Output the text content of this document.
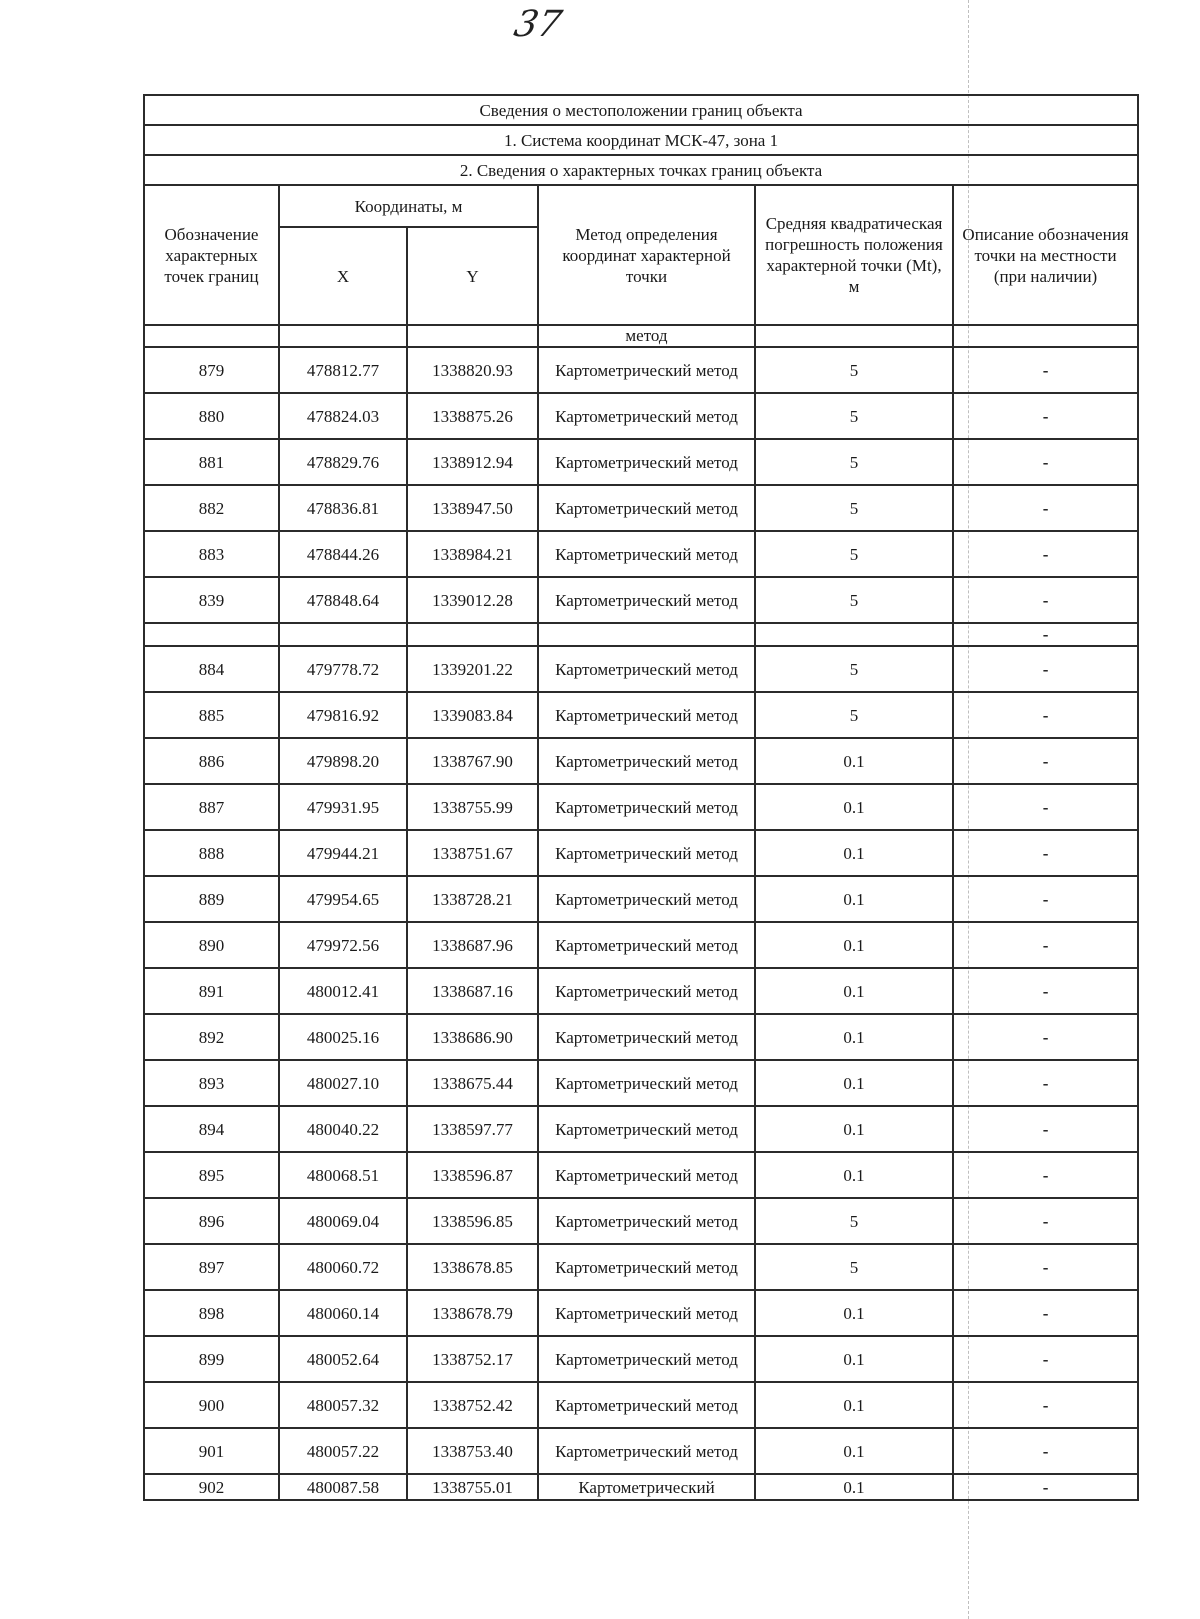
37
Сведения о местоположении границ объекта					
1. Система координат МСК-47, зона 1					
2. Сведения о характерных точках границ объекта					
Обозначение характерных точек границ	Координаты, м		Метод определения координат характерной точки	Средняя квадратическая погрешность положения характерной точки (Mt), м	Описание обозначения точки на местности (при наличии)
	X	Y			
			метод		
879	478812.77	1338820.93	Картометрический метод	5	-
880	478824.03	1338875.26	Картометрический метод	5	-
881	478829.76	1338912.94	Картометрический метод	5	-
882	478836.81	1338947.50	Картометрический метод	5	-
883	478844.26	1338984.21	Картометрический метод	5	-
839	478848.64	1339012.28	Картометрический метод	5	-
					-
884	479778.72	1339201.22	Картометрический метод	5	-
885	479816.92	1339083.84	Картометрический метод	5	-
886	479898.20	1338767.90	Картометрический метод	0.1	-
887	479931.95	1338755.99	Картометрический метод	0.1	-
888	479944.21	1338751.67	Картометрический метод	0.1	-
889	479954.65	1338728.21	Картометрический метод	0.1	-
890	479972.56	1338687.96	Картометрический метод	0.1	-
891	480012.41	1338687.16	Картометрический метод	0.1	-
892	480025.16	1338686.90	Картометрический метод	0.1	-
893	480027.10	1338675.44	Картометрический метод	0.1	-
894	480040.22	1338597.77	Картометрический метод	0.1	-
895	480068.51	1338596.87	Картометрический метод	0.1	-
896	480069.04	1338596.85	Картометрический метод	5	-
897	480060.72	1338678.85	Картометрический метод	5	-
898	480060.14	1338678.79	Картометрический метод	0.1	-
899	480052.64	1338752.17	Картометрический метод	0.1	-
900	480057.32	1338752.42	Картометрический метод	0.1	-
901	480057.22	1338753.40	Картометрический метод	0.1	-
902	480087.58	1338755.01	Картометрический	0.1	-
